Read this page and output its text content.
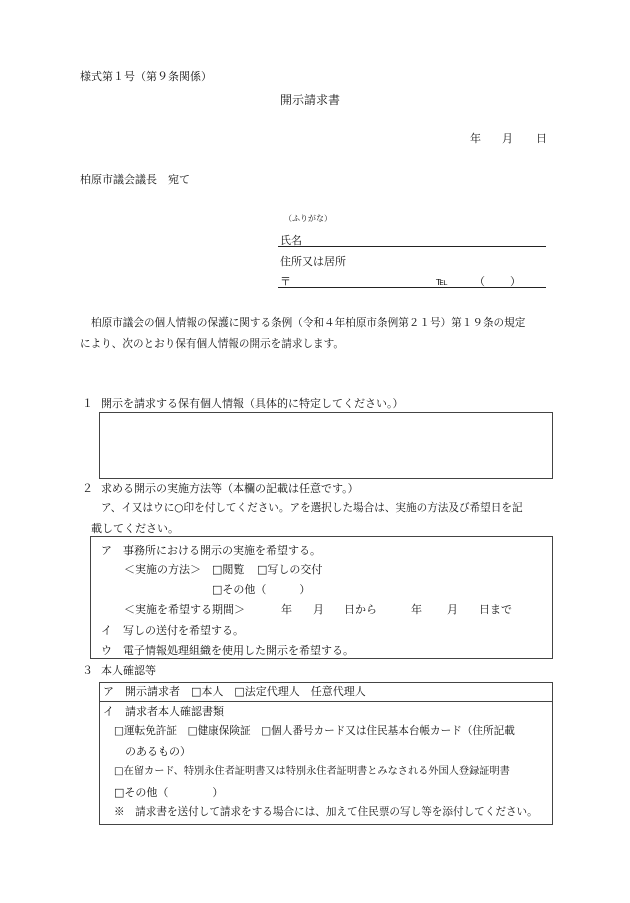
様式第１号（第９条関係）
開示請求書
年 月 日
柏原市議会議長　宛て
（ふりがな）
氏名
住所又は居所
〒	℡ （ ）
柏原市議会の個人情報の保護に関する条例（令和４年柏原市条例第２１号）第１９条の規定
により、次のとおり保有個人情報の開示を請求します。
１ 開示を請求する保有個人情報（具体的に特定してください。）
２ 求める開示の実施方法等（本欄の記載は任意です。）
ア、イ又はウに○印を付してください。アを選択した場合は、実施の方法及び希望日を記
載してください。
ア　事務所における開示の実施を希望する。
＜実施の方法＞ □閲覧 □写しの交付
□その他（　　　）
＜実施を希望する期間＞	年 月 日から	年 月 日まで
イ　写しの送付を希望する。
ウ　電子情報処理組織を使用した開示を希望する。
３ 本人確認等
ア　開示請求者　□本人　□法定代理人　任意代理人
イ　請求者本人確認書類
□運転免許証　□健康保険証　□個人番号カード又は住民基本台帳カード（住所記載
のあるもの）
□在留カード、特別永住者証明書又は特別永住者証明書とみなされる外国人登録証明書
□その他（　　　　）
※　請求書を送付して請求をする場合には、加えて住民票の写し等を添付してください。
